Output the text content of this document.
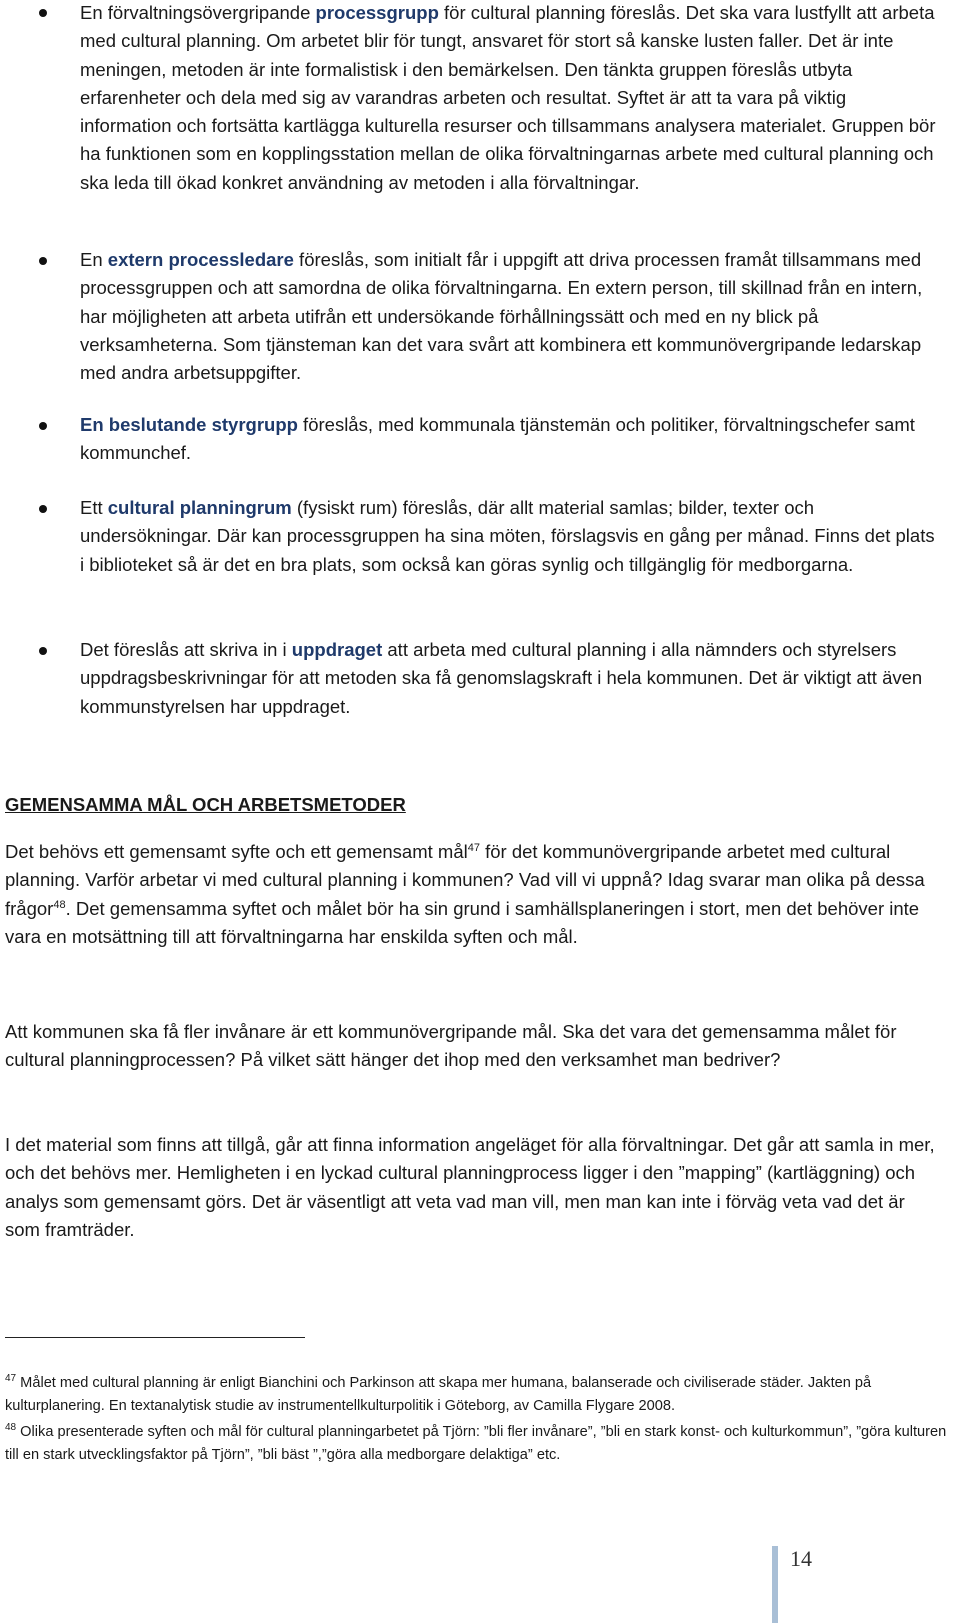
En förvaltningsövergripande processgrupp för cultural planning föreslås. Det ska vara lustfyllt att arbeta med cultural planning. Om arbetet blir för tungt, ansvaret för stort så kanske lusten faller. Det är inte meningen, metoden är inte formalistisk i den bemärkelsen. Den tänkta gruppen föreslås utbyta erfarenheter och dela med sig av varandras arbeten och resultat. Syftet är att ta vara på viktig information och fortsätta kartlägga kulturella resurser och tillsammans analysera materialet. Gruppen bör ha funktionen som en kopplingsstation mellan de olika förvaltningarnas arbete med cultural planning och ska leda till ökad konkret användning av metoden i alla förvaltningar.
En extern processledare föreslås, som initialt får i uppgift att driva processen framåt tillsammans med processgruppen och att samordna de olika förvaltningarna. En extern person, till skillnad från en intern, har möjligheten att arbeta utifrån ett undersökande förhållningssätt och med en ny blick på verksamheterna. Som tjänsteman kan det vara svårt att kombinera ett kommunövergripande ledarskap med andra arbetsuppgifter.
En beslutande styrgrupp föreslås, med kommunala tjänstemän och politiker, förvaltningschefer samt kommunchef.
Ett cultural planningrum (fysiskt rum) föreslås, där allt material samlas; bilder, texter och undersökningar. Där kan processgruppen ha sina möten, förslagsvis en gång per månad. Finns det plats i biblioteket så är det en bra plats, som också kan göras synlig och tillgänglig för medborgarna.
Det föreslås att skriva in i uppdraget att arbeta med cultural planning i alla nämnders och styrelsers uppdragsbeskrivningar för att metoden ska få genomslagskraft i hela kommunen. Det är viktigt att även kommunstyrelsen har uppdraget.
GEMENSAMMA MÅL OCH ARBETSMETODER
Det behövs ett gemensamt syfte och ett gemensamt mål$^{47}$ för det kommunövergripande arbetet med cultural planning. Varför arbetar vi med cultural planning i kommunen? Vad vill vi uppnå? Idag svarar man olika på dessa frågor$^{48}$. Det gemensamma syftet och målet bör ha sin grund i samhällsplaneringen i stort, men det behöver inte vara en motsättning till att förvaltningarna har enskilda syften och mål.
Att kommunen ska få fler invånare är ett kommunövergripande mål. Ska det vara det gemensamma målet för cultural planningprocessen? På vilket sätt hänger det ihop med den verksamhet man bedriver?
I det material som finns att tillgå, går att finna information angeläget för alla förvaltningar. Det går att samla in mer, och det behövs mer. Hemligheten i en lyckad cultural planningprocess ligger i den ”mapping” (kartläggning) och analys som gemensamt görs. Det är väsentligt att veta vad man vill, men man kan inte i förväg veta vad det är som framträder.
$^{47}$ Målet med cultural planning är enligt Bianchini och Parkinson att skapa mer humana, balanserade och civiliserade städer. Jakten på kulturplanering. En textanalytisk studie av instrumentellkulturpolitik i Göteborg, av Camilla Flygare 2008.
$^{48}$ Olika presenterade syften och mål för cultural planningarbetet på Tjörn: ”bli fler invånare”, ”bli en stark konst- och kulturkommun”, ”göra kulturen till en stark utvecklingsfaktor på Tjörn”, ”bli bäst ”,”göra alla medborgare delaktiga” etc.
14
